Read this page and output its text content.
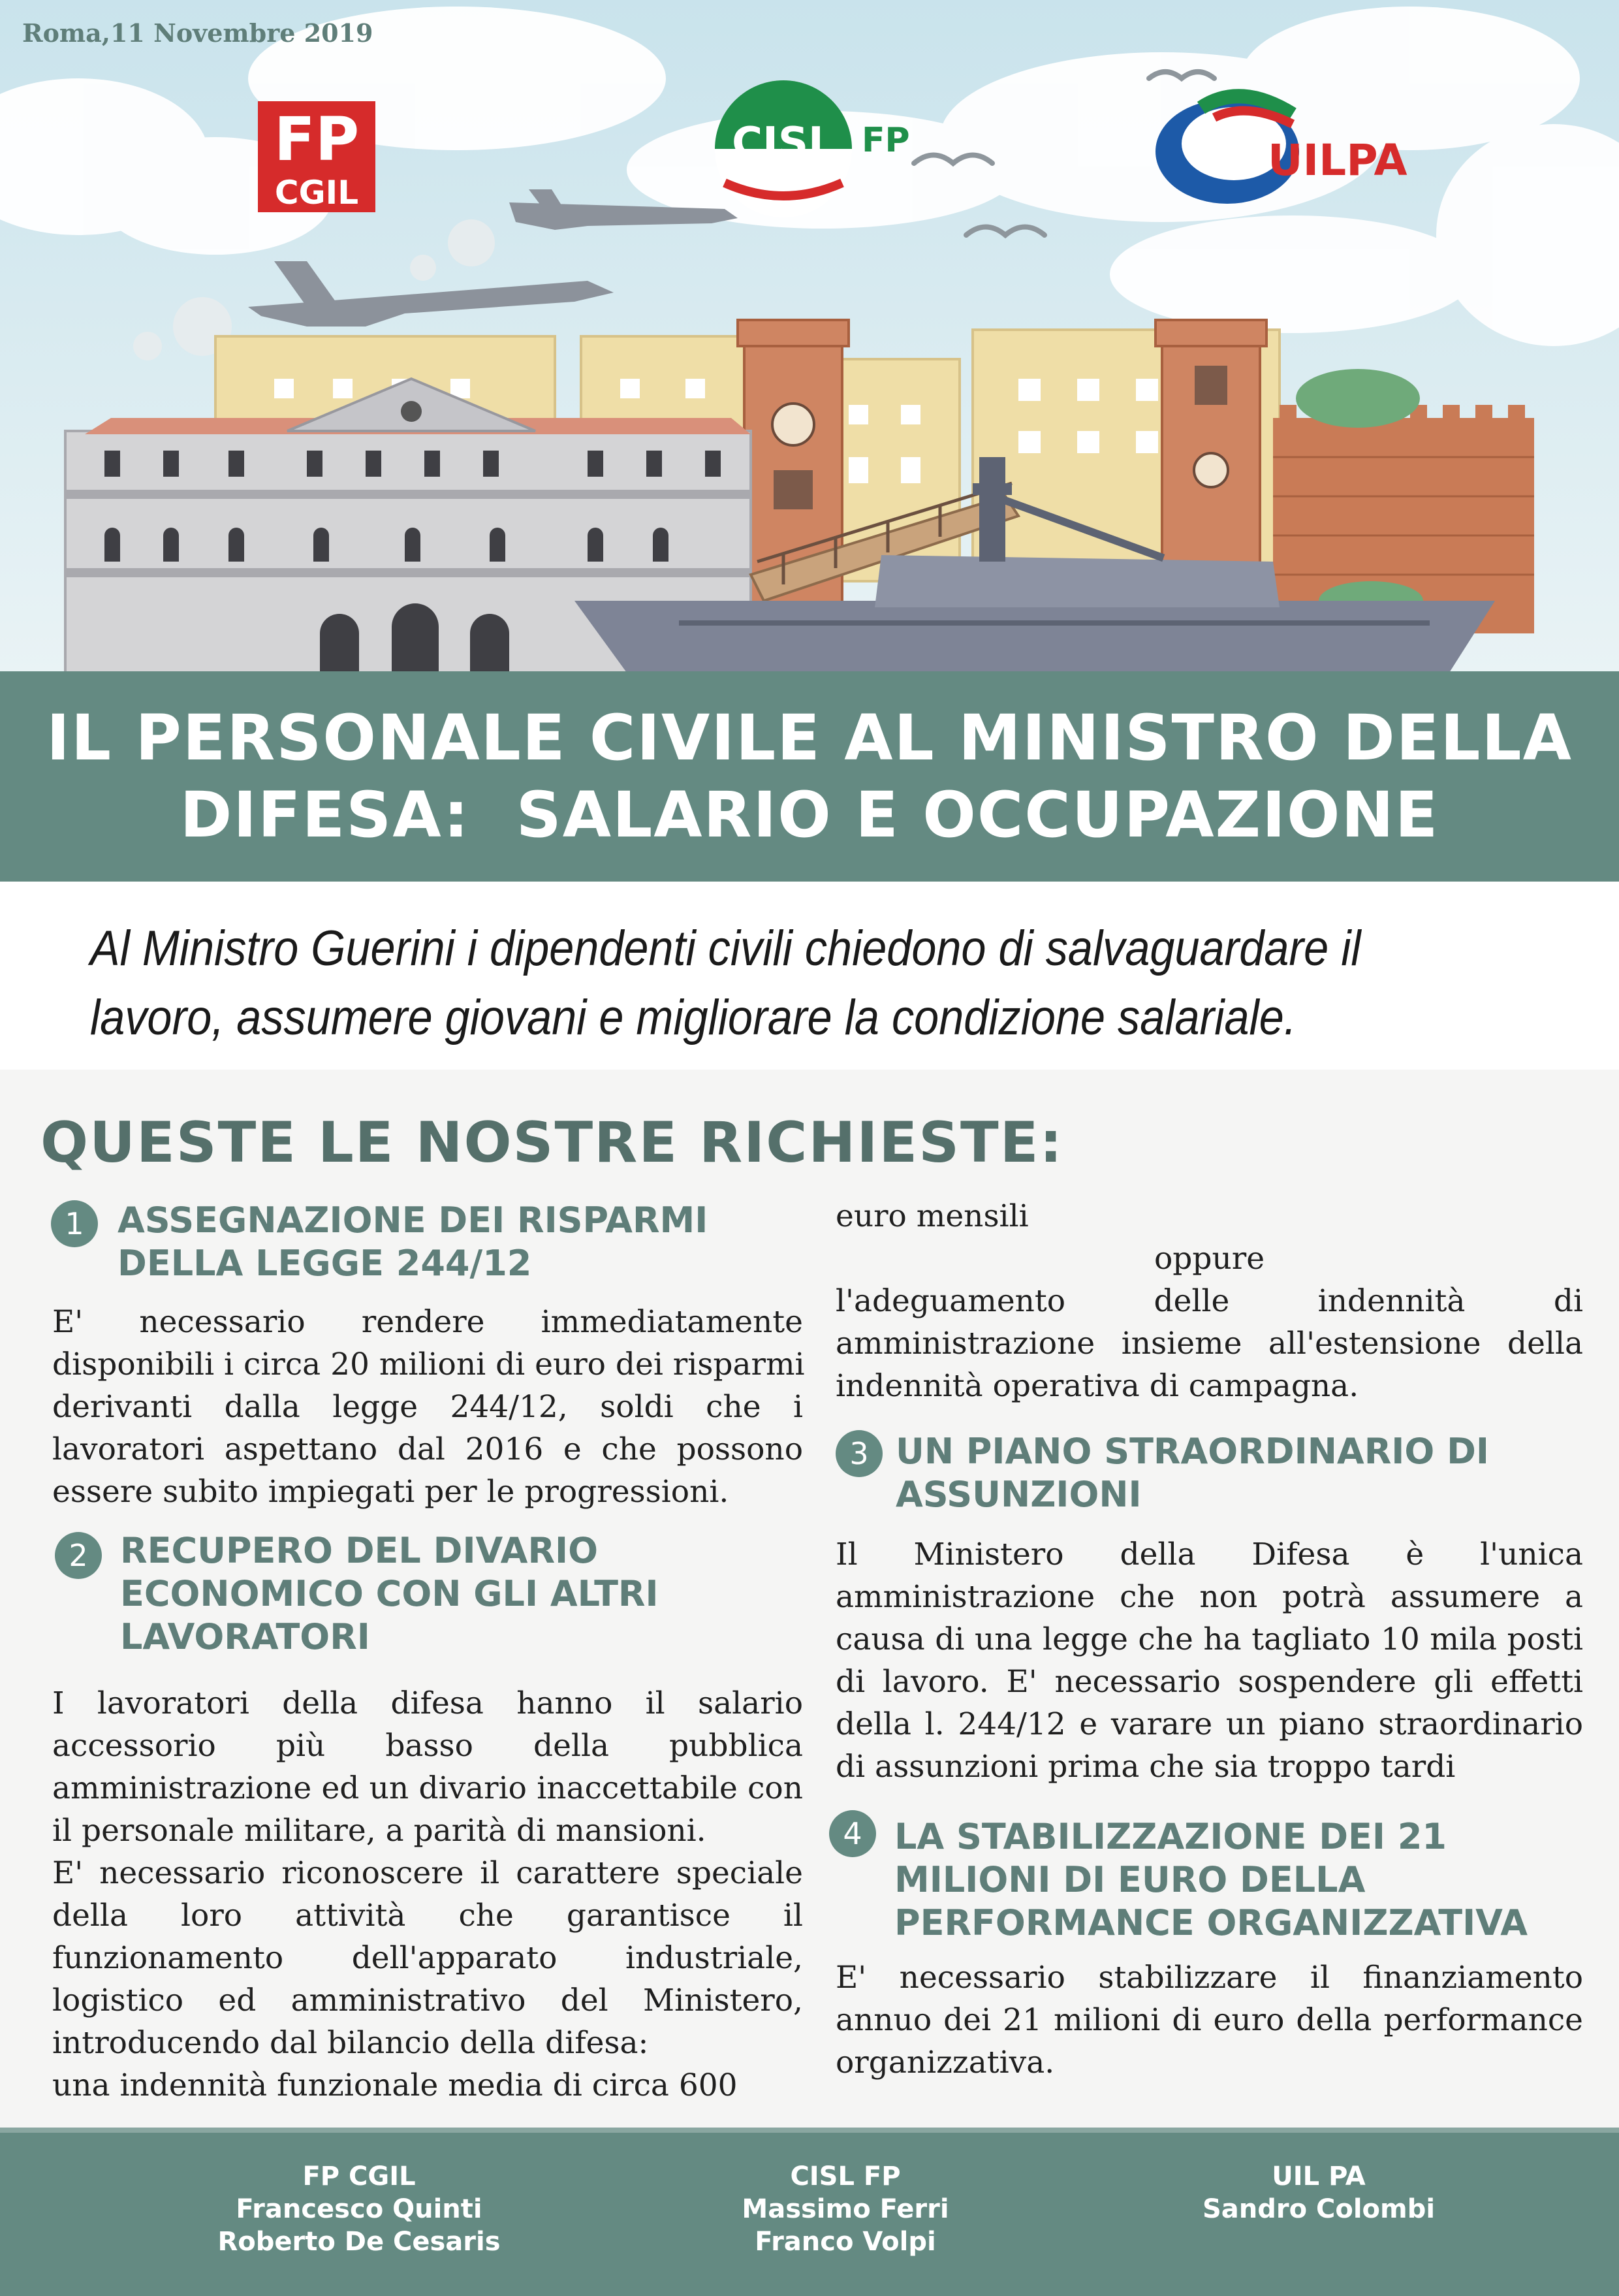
FP
CGIL
CISL FP	UILPA
Roma,11 Novembre 2019
IL PERSONALE CIVILE AL MINISTRO DELLA
DIFESA:  SALARIO E OCCUPAZIONE
Al Ministro Guerini i dipendenti civili chiedono di salvaguardare il
lavoro, assumere giovani e migliorare la condizione salariale.
QUESTE LE NOSTRE RICHIESTE:
1 ASSEGNAZIONE DEI RISPARMI
DELLA LEGGE 244/12
E' necessario rendere immediatamente
disponibili i circa 20 milioni di euro dei risparmi
derivanti dalla legge 244/12, soldi che i
lavoratori aspettano dal 2016 e che possono
essere subito impiegati per le progressioni.
2 RECUPERO DEL DIVARIO
ECONOMICO CON GLI ALTRI
LAVORATORI
I lavoratori della difesa hanno il salario
accessorio più basso della pubblica
amministrazione ed un divario inaccettabile con
il personale militare, a parità di mansioni.
E' necessario riconoscere il carattere speciale
della loro attività che garantisce il
funzionamento dell'apparato industriale,
logistico ed amministrativo del Ministero,
introducendo dal bilancio della difesa:
una indennità funzionale media di circa 600
euro mensili
oppure
l'adeguamento delle indennità di
amministrazione insieme all'estensione della
indennità operativa di campagna.
3 UN PIANO STRAORDINARIO DI
ASSUNZIONI
Il Ministero della Difesa è l'unica
amministrazione che non potrà assumere a
causa di una legge che ha tagliato 10 mila posti
di lavoro. E' necessario sospendere gli effetti
della l. 244/12 e varare un piano straordinario
di assunzioni prima che sia troppo tardi
4 LA STABILIZZAZIONE DEI 21
MILIONI DI EURO DELLA
PERFORMANCE ORGANIZZATIVA
E' necessario stabilizzare il finanziamento
annuo dei 21 milioni di euro della performance
organizzativa.
FP CGIL
Francesco Quinti
Roberto De Cesaris
CISL FP
Massimo Ferri
Franco Volpi
UIL PA
Sandro Colombi
